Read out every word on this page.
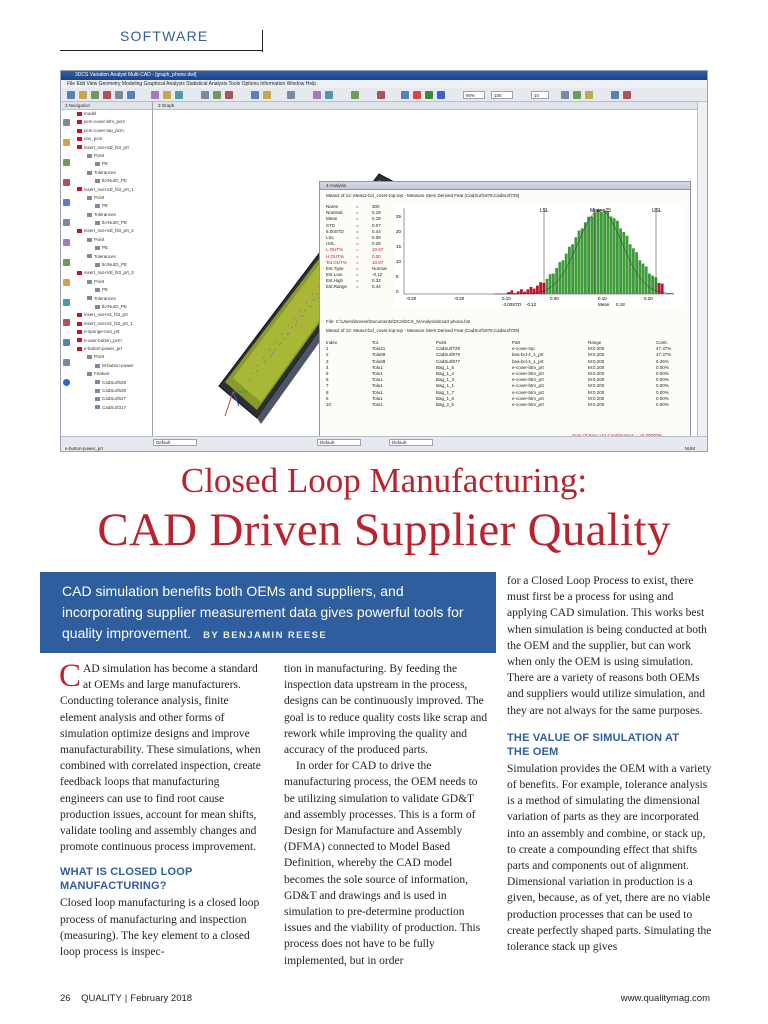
SOFTWARE
3DCS Variation Analyst Multi-CAD - [graph_phone.dwl]
File Edit View Geometry Modeling Graphical Analysis Statistical Analysis Tools Options Information Window Help
90%	100	10
3 Navigation
model
pcm-cover-btm_pcm
pcm-cover-top_pcm
unv_pcm
insert_nut-m3l_hl3_prt
Point
PE
Tolerances
tlcrNutO_PE
insert_nut-m3l_hl3_prt_1
Point
PE
Tolerances
tlcrNutO_PE
insert_nut-m3l_hl3_prt_2
Point
PE
Tolerances
tlcrNutO_PE
insert_nut-m3l_hl3_prt_3
Point
PE
Tolerances
tlcrNutO_PE
insert_nut-m3_hl3_prt
insert_nut-m3_hl3_prt_1
e-sponge-mut_prt
e-user-button_pcm
e-button-power_prt
Point
M-button-power
Feature
CadSurf625
CadSurf626
CadSurf627
CadSurf317
3 Graph
3 Analysis
Meas2 of 12: Meas2-bcl_cover-top-top - Measure Stem Derived Feat (CadSurf1879,CadSurf729)
Name	=	300
Nominal	=	0.18
Mean	=	0.18
STD	=	0.07
6.00STD	=	0.44
LSL	=	0.08
USL	=	0.28
L OUT%	=	10.67
H OUT%	=	0.00
Tot OUT% =	10.67
Est.Type	=	Normal
Est.Low	=	-0.12
Est.High	=	0.32
Est.Range =	0.44
LSL	Mean=25	USL
25
20
15
10
5
0
-0.20	-0.20	0.10	0.00	0.10	0.20
-3.00STD -0.12	Mean 0.18
File: C:\Users\breese\Documents\DCS\DCS_5\Analysis\smart phone.hst
Meas2 of 12: Meas2-bcl_cover-top-top - Measure Stem Derived Feat (CadSurf1879,CadSurf729)
Index	Tol.	Point	Part	Range	Contr.
1	Tolu21	CadSurf729	e-cover-top	M:0.200	47.37%
2	Tolu69	CadSurf879	bea-bcl-4_1_prt	M:0.200	47.37%
3	Tolu69	CadSurf677	bea-bcl-4_1_prt	M:0.200	5.26%
4	Tolu1	Bag_1_5	e-cover-btm_prt	M:0.200	0.00%
5	Tolu1	Bag_1_4	e-cover-btm_prt	M:0.200	0.00%
6	Tolu1	Bag_1_3	e-cover-btm_prt	M:0.200	0.00%
7	Tolu1	Bag_1_1	e-cover-btm_prt	M:0.200	0.00%
8	Tolu1	Bag_1_7	e-cover-btm_prt	M:0.200	0.00%
9	Tolu1	Bag_1_6	e-cover-btm_prt	M:0.200	0.00%
10	Tolu1	Bag_2_5	e-cover-btm_prt	M:0.200	0.00%
Default	Default	Default
e-button-power_prt	NUM
Closed Loop Manufacturing:
CAD Driven Supplier Quality
CAD simulation benefits both OEMs and suppliers, and incorporating supplier measurement data gives powerful tools for quality improvement. BY BENJAMIN REESE

CAD simulation has become a standard at OEMs and large manufacturers. Conducting tolerance analysis, finite element analysis and other forms of simulation optimize designs and improve manufacturability. These simulations, when combined with correlated inspection, create feedback loops that manufacturing engineers can use to find root cause production issues, account for mean shifts, validate tooling and assembly changes and promote continuous process improvement.

WHAT IS CLOSED LOOP MANUFACTURING?

Closed loop manufacturing is a closed loop process of manufacturing and inspection (measuring). The key element to a closed loop process is inspec-

tion in manufacturing. By feeding the inspection data upstream in the process, designs can be continuously improved. The goal is to reduce quality costs like scrap and rework while improving the quality and accuracy of the produced parts.

In order for CAD to drive the manufacturing process, the OEM needs to be utilizing simulation to validate GD&T and assembly processes. This is a form of Design for Manufacture and Assembly (DFMA) connected to Model Based Definition, whereby the CAD model becomes the sole source of information, GD&T and drawings and is used in simulation to pre-determine production issues and the viability of production. This process does not have to be fully implemented, but in order

for a Closed Loop Process to exist, there must first be a process for using and applying CAD simulation. This works best when simulation is being conducted at both the OEM and the supplier, but can work when only the OEM is using simulation. There are a variety of reasons both OEMs and suppliers would utilize simulation, and they are not always for the same purposes.

THE VALUE OF SIMULATION AT THE OEM

Simulation provides the OEM with a variety of benefits. For example, tolerance analysis is a method of simulating the dimensional variation of parts as they are incorporated into an assembly and combine, or stack up, to create a compounding effect that shifts parts and components out of alignment. Dimensional variation in production is a given, because, as of yet, there are no viable production processes that can be used to create perfectly shaped parts. Simulating the tolerance stack up gives

26 QUALITY | February 2018	www.qualitymag.com
